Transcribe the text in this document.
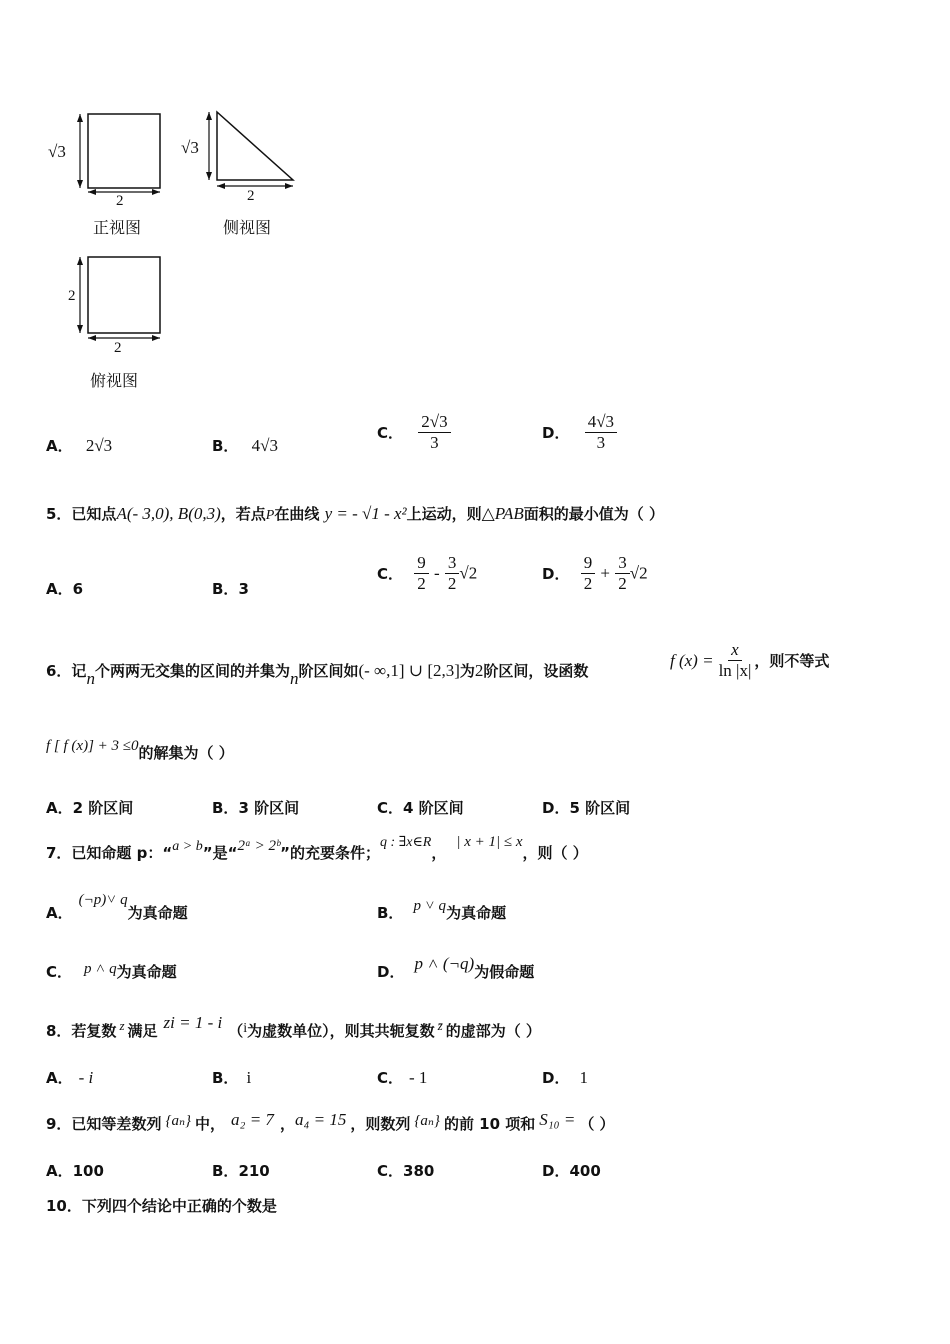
√3
2
正视图
√3
2
侧视图
2
2
俯视图
A． 2√3	B． 4√3
C． $\frac{2√3}{3}$	D． $\frac{4√3}{3}$
5．已知点A(- 3,0), B(0,3)，若点P在曲线 y = - √1 - x²上运动，则△PAB面积的最小值为（ ）
A．6	B．3
C． $\frac{9}{2} - \frac{3}{2} √2$	D． $\frac{9}{2} + \frac{3}{2} √2$
6．记n个两两无交集的区间的并集为n阶区间如(- ∞,1] ∪ [2,3]为2阶区间，设函数
f $(x) = \frac{x}{\ln |x|}$ ，则不等式
f [ f (x)] + 3 ≤0的解集为（ ）
A．2 阶区间	B．3 阶区间	C．4 阶区间	D．5 阶区间
7．已知命题 p：“a > b”是“2ᵃ > 2ᵇ”的充要条件；q : ∃x∈R，| x + 1| ≤ x，则（ ）
A．(¬p)˅ q为真命题	B． p ˅ q为真命题
C． p ˄ q为真命题	D． p ˄ (¬q)为假命题
8．若复数 z 满足 zi = 1 - i （i为虚数单位），则其共轭复数 z̄ 的虚部为（ ）
A． - i	B． i	C． - 1	D． 1
9．已知等差数列 {aₙ} 中， a₂ = 7 ，a₄ = 15 ，则数列 {aₙ} 的前 10 项和 S₁₀ = （ ）
A．100	B．210	C．380	D．400
10．下列四个结论中正确的个数是
